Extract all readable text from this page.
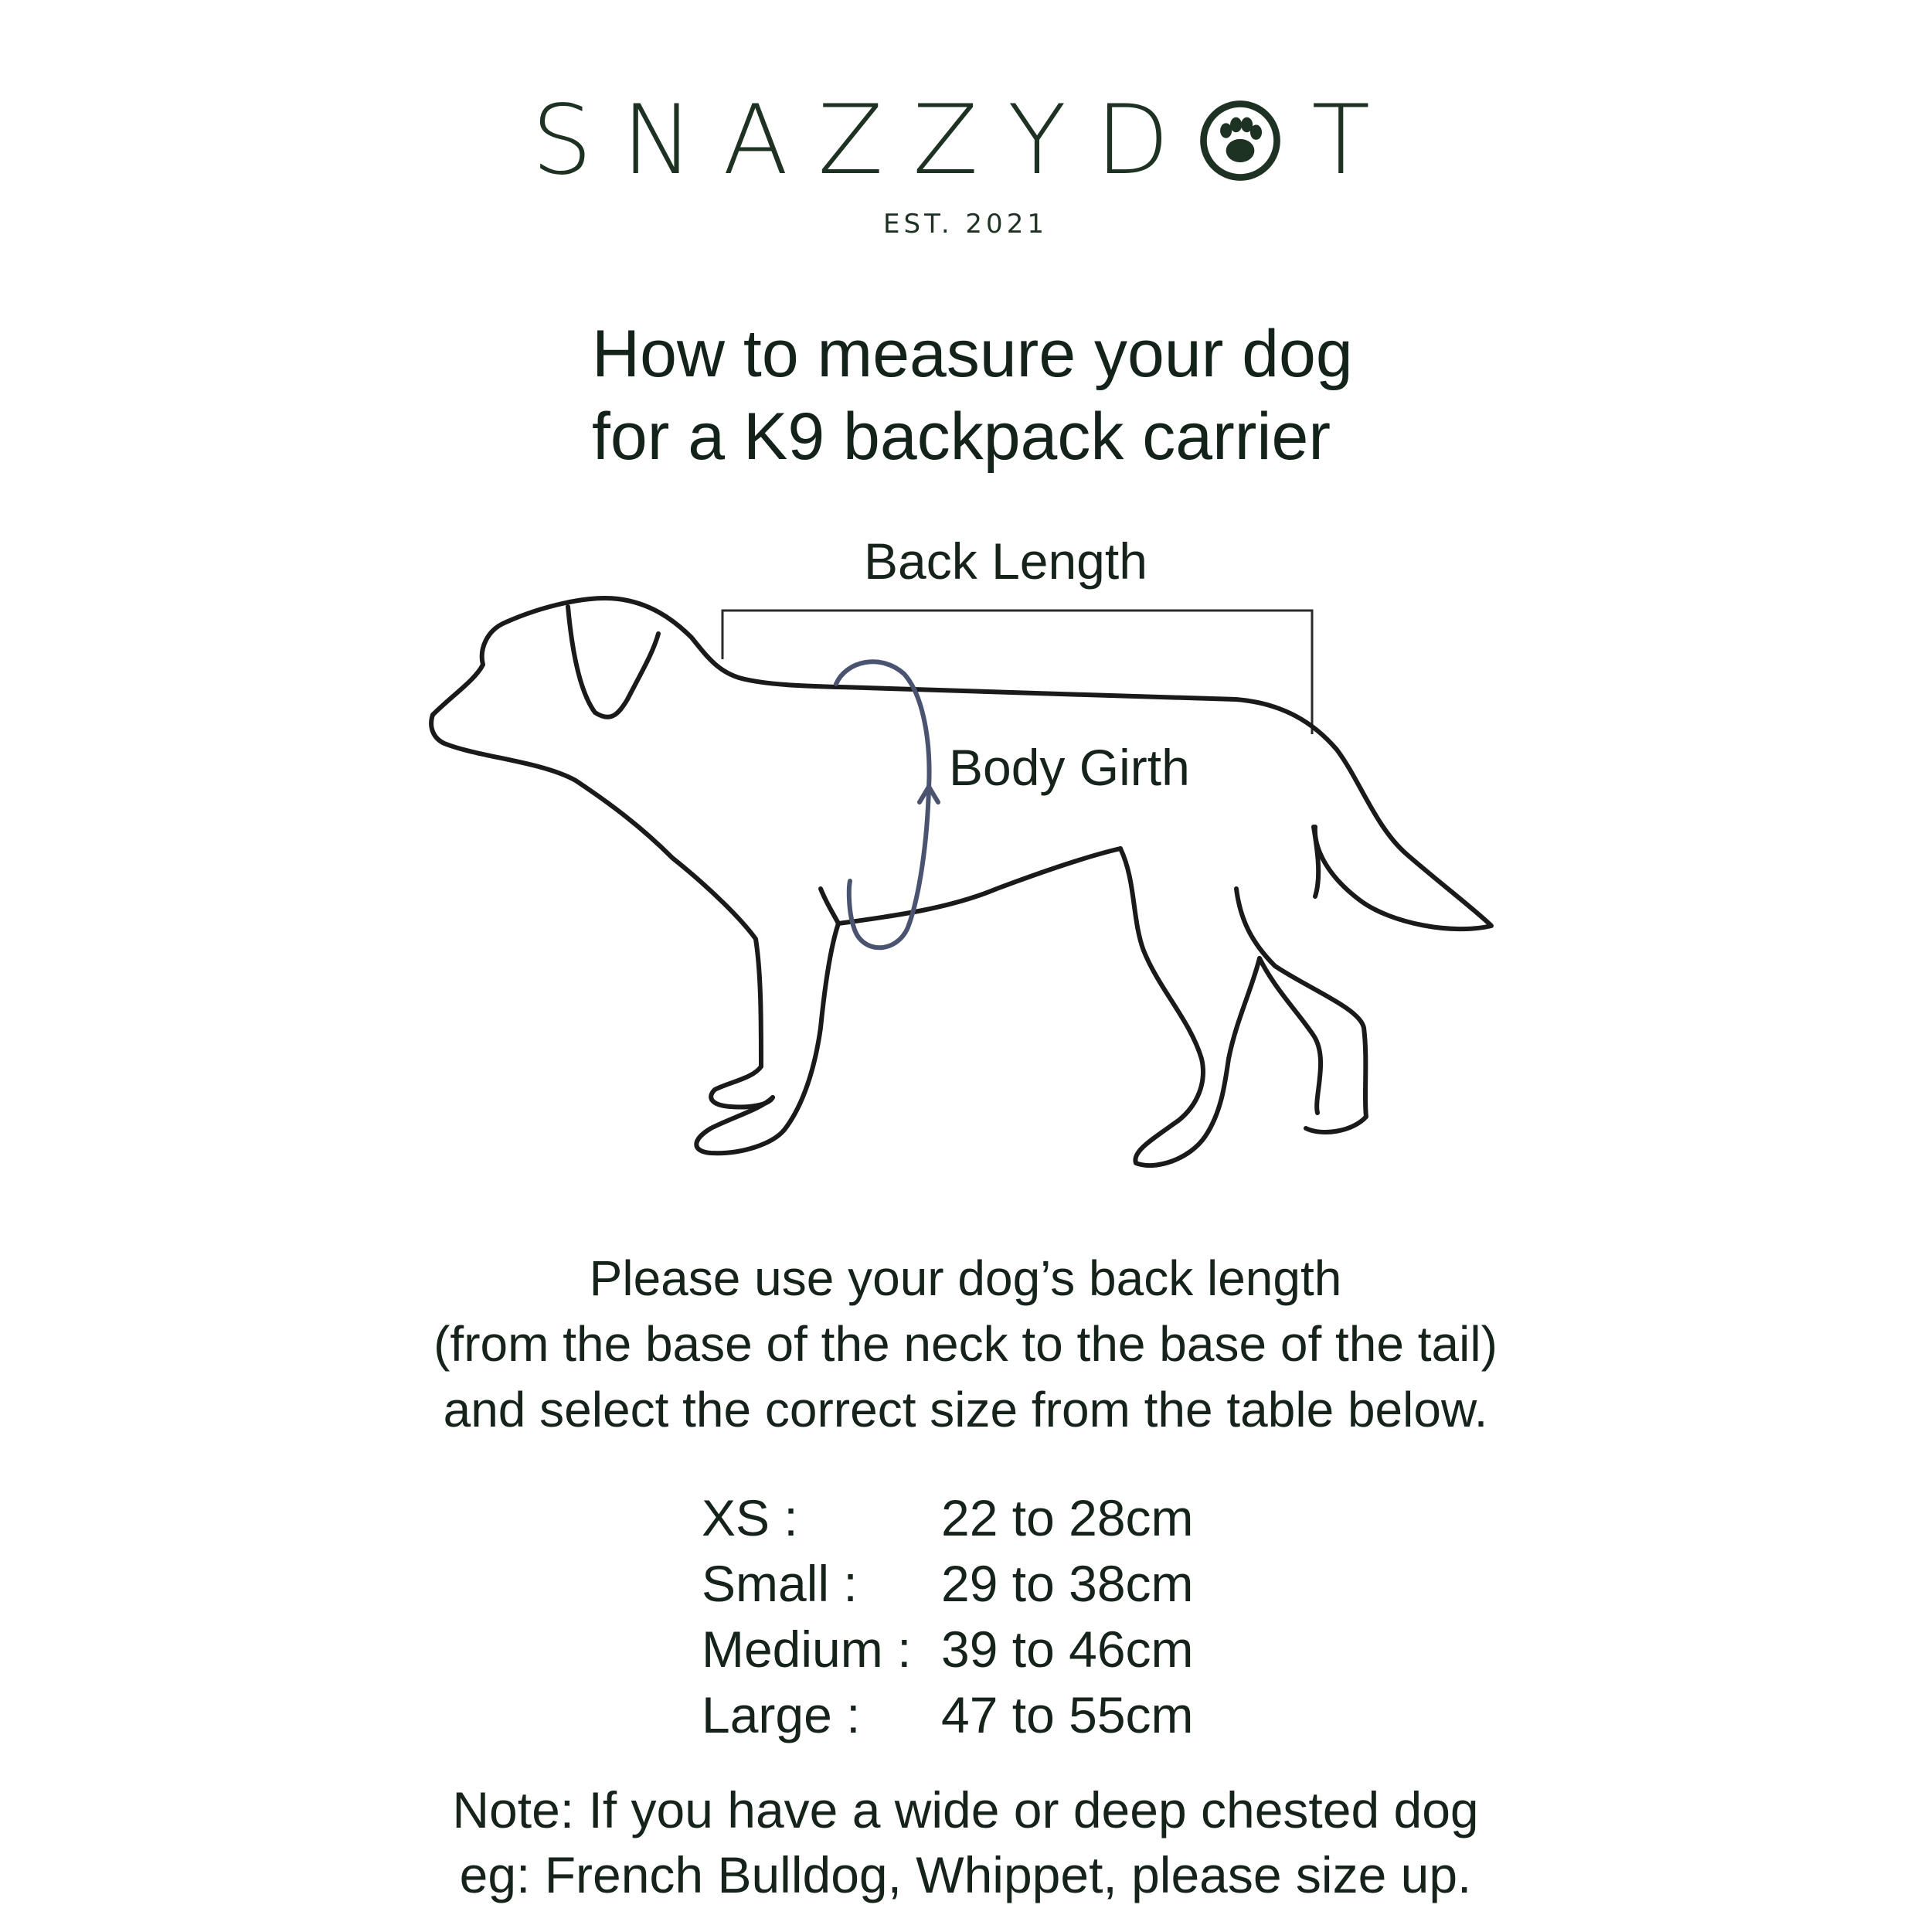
SNAZZYD T
EST. 2021
How to measure your dog
for a K9 backpack carrier
Back Length
Body Girth
Please use your dog’s back length
(from the base of the neck to the base of the tail)
and select the correct size from the table below.
XS :	22 to 28cm
Small :	29 to 38cm
Medium :	39 to 46cm
Large :	47 to 55cm
Note: If you have a wide or deep chested dog
eg: French Bulldog, Whippet, please size up.
